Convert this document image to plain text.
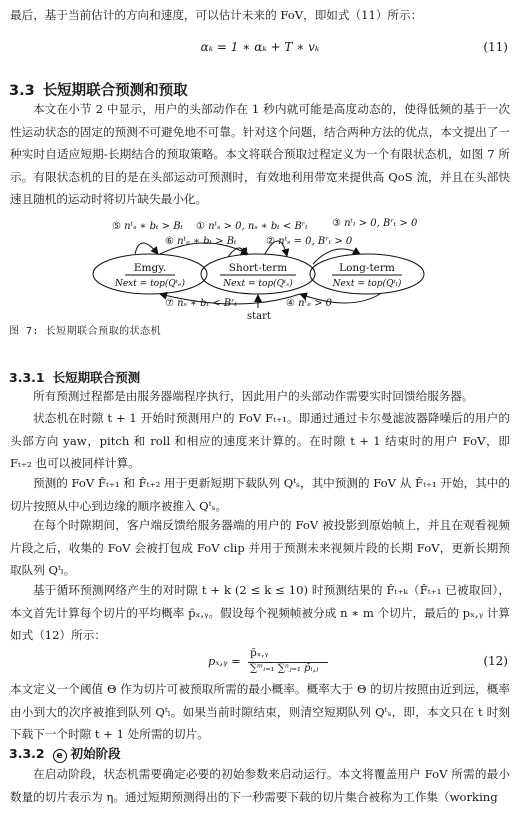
最后，基于当前估计的方向和速度，可以估计未来的 FoV，即如式（11）所示：
αₖ = 1 ∗ αₖ + T ∗ vₖ	(11)
3.3 长短期联合预测和预取
本文在小节 2 中显示，用户的头部动作在 1 秒内就可能是高度动态的，使得低频的基于一次性运动状态的固定的预测不可避免地不可靠。针对这个问题，结合两种方法的优点，本文提出了一种实时自适应短期-长期结合的预取策略。本文将联合预取过程定义为一个有限状态机，如图 7 所示。有限状态机的目的是在头部运动可预测时，有效地利用带宽来提供高 QoS 流，并且在头部快速且随机的运动时将切片缺失最小化。
⑤ nᵗₛ ∗ bₜ > Bₜ ① nᵗₛ > 0, nₛ ∗ bₜ < Bʳₜ ③ nᵗₗ > 0, Bʳₜ > 0
⑥ nᵗₑ ∗ bₜ > Bₜ	② nᵗₛ = 0, Bʳₜ > 0
⑦ nₛ ∗ bₜ < Bʳₜ	④ nᵗₑ > 0
start
Emgy.	Short-term	Long-term
Next = top(Qᵗₑ)	Next = top(Qᵗₛ)	Next = top(Qᵗₗ)
图 7: 长短期联合预取的状态机
3.3.1 长短期联合预测
所有预测过程都是由服务器端程序执行，因此用户的头部动作需要实时回馈给服务器。
状态机在时隙 t + 1 开始时预测用户的 FoV Fₜ₊₁。即通过通过卡尔曼滤波器降噪后的用户的头部方向 yaw，pitch 和 roll 和相应的速度来计算的。在时隙 t + 1 结束时的用户 FoV，即 Fₜ₊₂ 也可以被同样计算。
预测的 FoV F̂ₜ₊₁ 和 F̂ₜ₊₂ 用于更新短期下载队列 Qᵗₛ，其中预测的 FoV 从 F̂ₜ₊₁ 开始，其中的切片按照从中心到边缘的顺序被推入 Qᵗₛ。
在每个时隙期间，客户端反馈给服务器端的用户的 FoV 被投影到原始帧上，并且在观看视频片段之后，收集的 FoV 会被打包成 FoV clip 并用于预测未来视频片段的长期 FoV，更新长期预取队列 Qᵗₗ。
基于循环预测网络产生的对时隙 t + k (2 ≤ k ≤ 10) 时预测结果的 F̂ₜ₊ₖ（F̂ₜ₊₁ 已被取回），本文首先计算每个切片的平均概率 p̄ₓ,ᵧ。假设每个视频帧被分成 n ∗ m 个切片，最后的 pₓ,ᵧ 计算如式（12）所示：
pₓ,ᵧ =
p̄ₓ,ᵧ
∑ᵐᵢ₌₁ ∑ⁿⱼ₌₁ p̄ᵢ,ⱼ
(12)
本文定义一个阈值 Θ 作为切片可被预取所需的最小概率。概率大于 Θ 的切片按照由近到远，概率由小到大的次序被推到队列 Qᵗₗ。如果当前时隙结束，则清空短期队列 Qᵗₛ，即，本文只在 t 时刻下载下一个时隙 t + 1 处所需的切片。
3.3.2 e 初始阶段
在启动阶段，状态机需要确定必要的初始参数来启动运行。本文将覆盖用户 FoV 所需的最小数量的切片表示为 η。通过短期预测得出的下一秒需要下载的切片集合被称为工作集（working
